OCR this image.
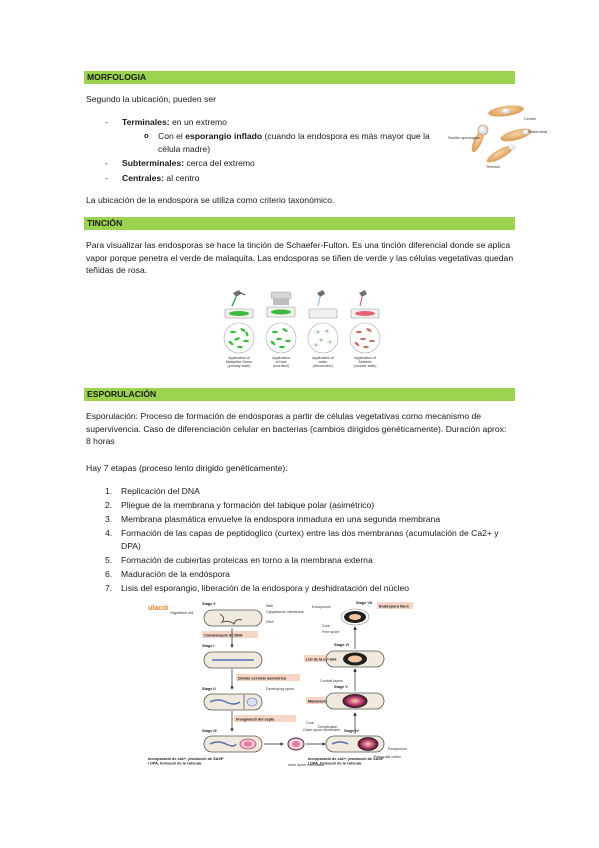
MORFOLOGIA
Segundo la ubicación, pueden ser
- Terminales: en un extremo
o Con el esporangio inflado (cuando la endospora es más mayor que la célula madre)
- Subterminales: cerca del extremo
- Centrales: al centro
La ubicación de la endospora se utiliza como criterio taxonómico.
Central
Swollen sporangium
Subterminal
Terminal
TINCIÓN
Para visualizar las endosporas se hace la tinción de Schaefer-Fulton. Es una tinción diferencial donde se aplica vapor porque penetra el verde de malaquita. Las endosporas se tiñen de verde y las células vegetativas quedan teñidas de rosa.
Application of
Malachite Green
(primary stain)
Application
of heat
(mordant)
Application of
water
(decolorizer)
Application of
Safranin
(counter stain)
ESPORULACIÓN
Esporulación: Proceso de formación de endosporas a partir de células vegetativas como mecanismo de supervivencia. Caso de diferenciación celular en bacterias (cambios dirigidos genéticamente). Duración aprox: 8 horas
Hay 7 etapas (proceso lento dirigido genéticamente):
1. Replicación del DNA
2. Pliegue de la membrana y formación del tabique polar (asimétrico)
3. Membrana plasmática envuelve la endospora inmadura en una segunda membrana
4. Formación de las capas de peptidoglico (curtex) entre las dos membranas (acumulación de Ca2+ y DPA)
5. Formación de cubiertas proteicas en torno a la membrana externa
6. Maduración de la endóspora
7. Lisis del esporangio, liberación de la endospora y deshidratación del núcleo
ulació
Stage 0
Vegetative cell
Wall
Cytoplasmic membrane
DNA
Condensació de DNA
Stage I
Divisió cel·lular asimètrica
Stage II	Developing spore
Invaginació del septe
Stage III
Incorporació de ca2+, producció de SASP i DPA, formació de la cutícula
Outer spore membrane
Core
Inner spore membrane
Incorporació de ca2+, producció de SASP i DPA, formació de la cutícula
Stage IV
Exosporium
Primordial cortex
Dehydration
Stage V
Maduració
Cortical layers
Stage VI
Lisi de la cèl·lula
Stage VII
Exosporium	Endòspora lliure
Core
Free spore
